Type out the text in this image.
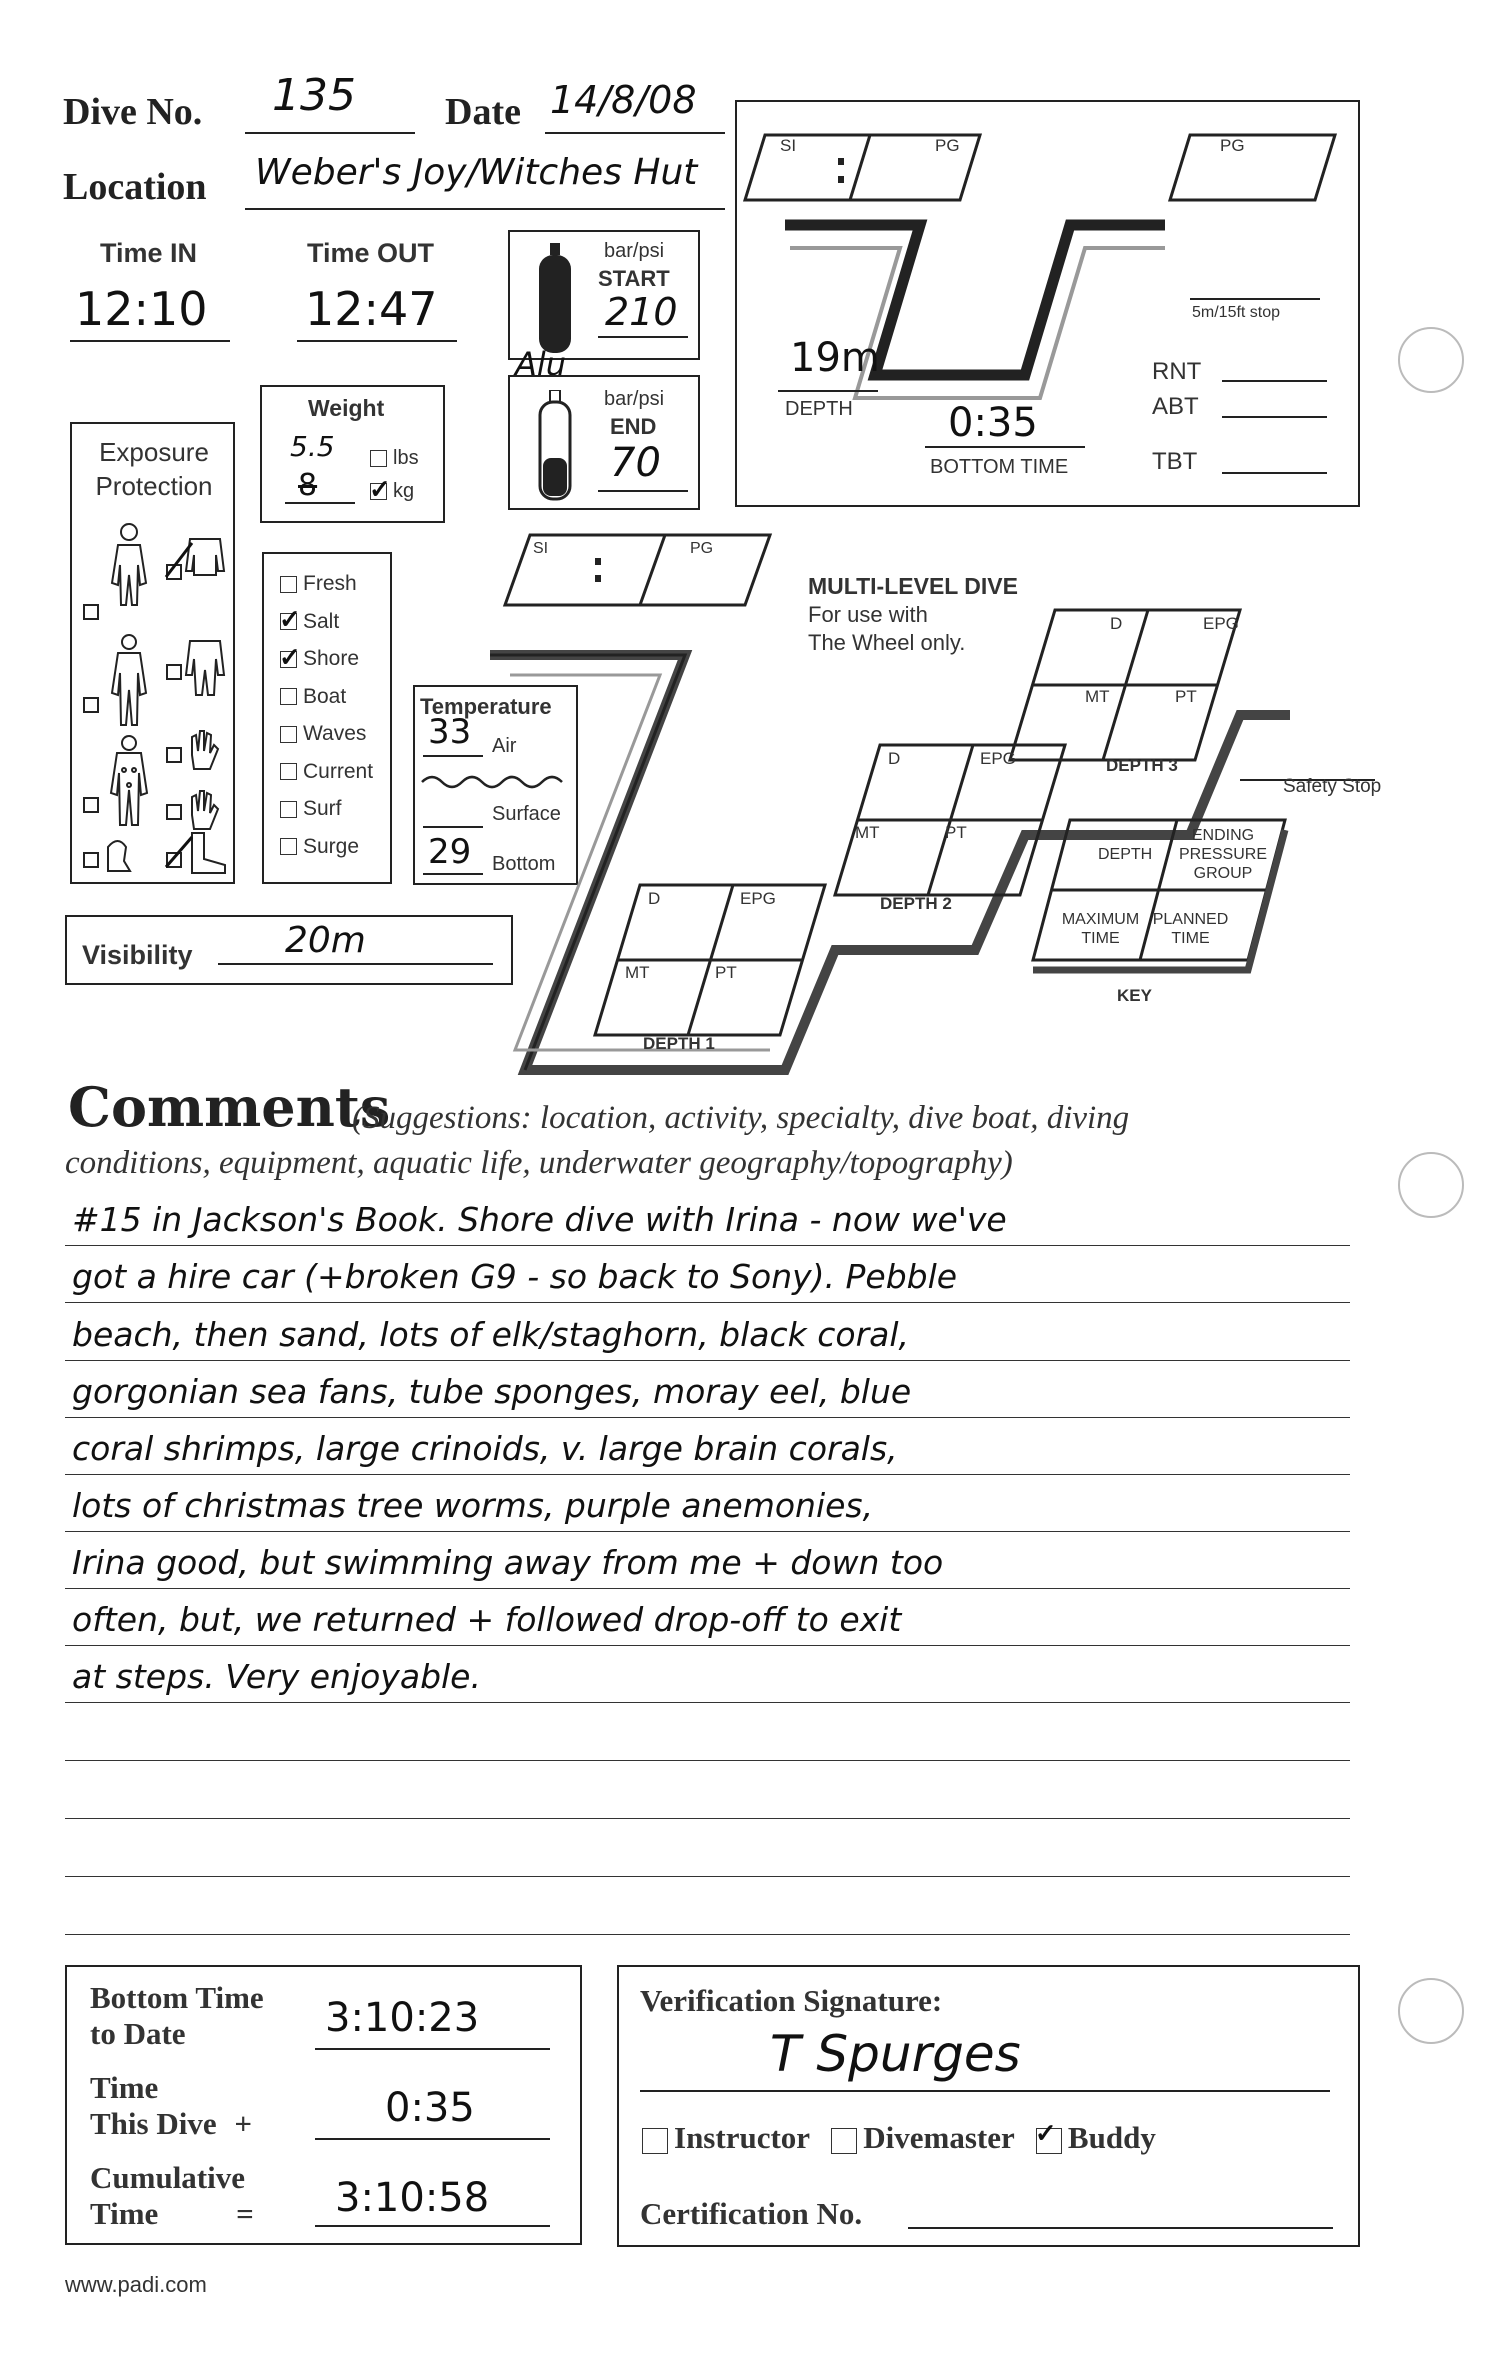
Dive No. 135 Date 14/8/08
Location Weber's Joy/Witches Hut
Time IN
12:10
Time OUT
12:47
bar/psi
START
210
Alu
bar/psi
END
70
SI	PG	PG
19m
DEPTH 0:35
BOTTOM TIME
5m/15ft stop
RNT
ABT
TBT
Exposure Protection
Weight
5.5
8
lbs
✓kg
Fresh
✓Salt
✓Shore
Boat
Waves
Current
Surf
Surge
Temperature
33 Air
Surface
29 Bottom
Visibility	20m
SI	PG
MULTI-LEVEL DIVE
For use with
The Wheel only.
D	EPG
MT	PT
DEPTH 1
D	EPG
MT	PT
DEPTH 2
D	EPG
MT	PT
DEPTH 3
Safety Stop
DEPTH
ENDING
PRESSURE
GROUP
MAXIMUM
TIME
PLANNED
TIME
KEY
Comments
(Suggestions: location, activity, specialty, dive boat, diving
conditions, equipment, aquatic life, underwater geography/topography)
#15 in Jackson's Book. Shore dive with Irina - now we've
got a hire car (+broken G9 - so back to Sony). Pebble
beach, then sand, lots of elk/staghorn, black coral,
gorgonian sea fans, tube sponges, moray eel, blue
coral shrimps, large crinoids, v. large brain corals,
lots of christmas tree worms, purple anemonies,
Irina good, but swimming away from me + down too
often, but, we returned + followed drop-off to exit
at steps. Very enjoyable.
Bottom Time
to Date	3:10:23
Time
This Dive +	0:35
Cumulative
Time	= 3:10:58
Verification Signature:
T Spurges
Instructor Divemaster ✓ Buddy
Certification No.
www.padi.com
